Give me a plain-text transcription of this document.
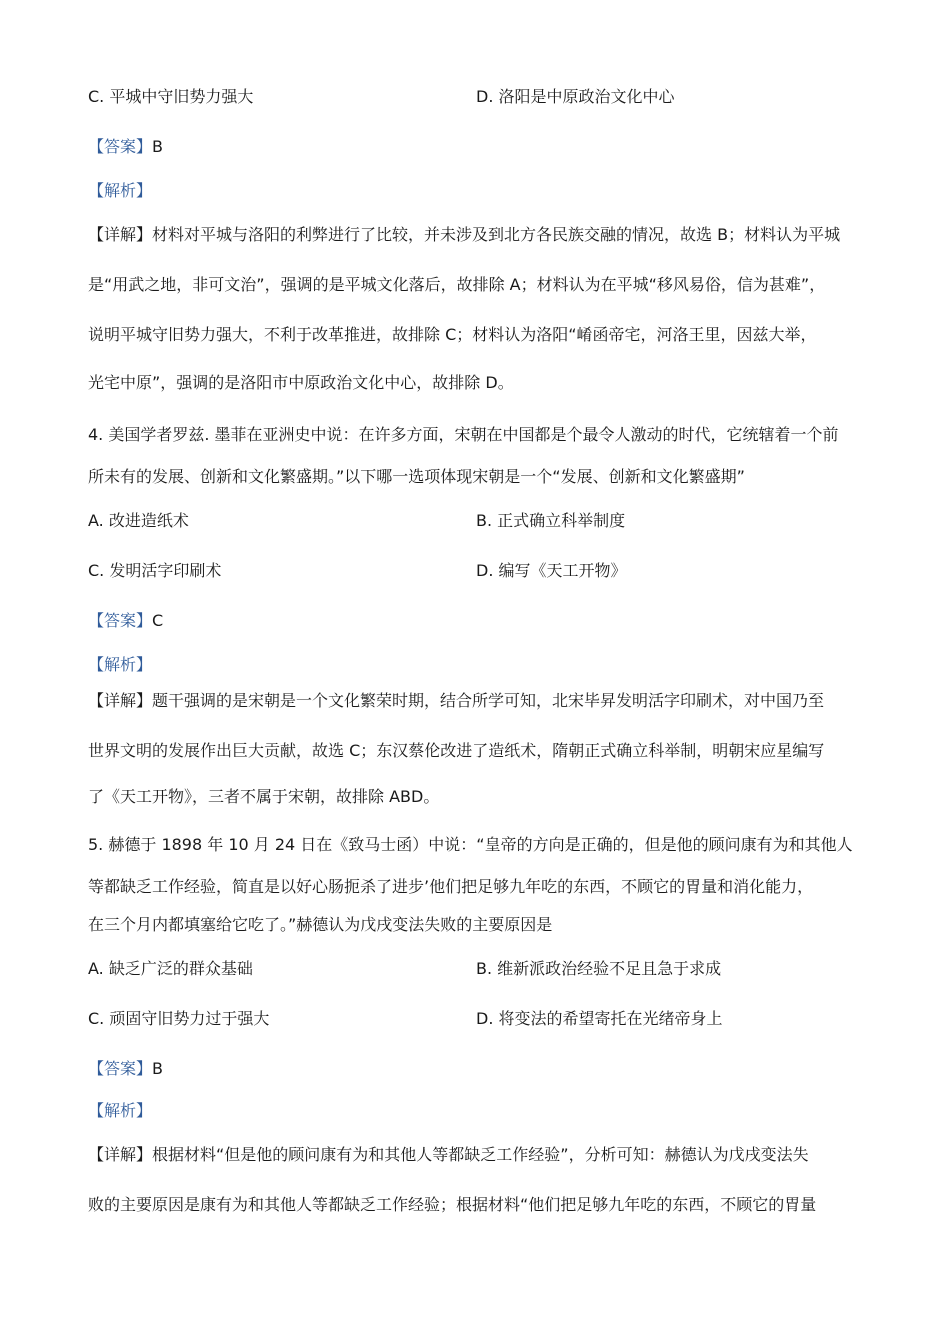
C. 平城中守旧势力强大	D. 洛阳是中原政治文化中心
【答案】B
【解析】
【详解】材料对平城与洛阳的利弊进行了比较，并未涉及到北方各民族交融的情况，故选 B；材料认为平城
是“用武之地，非可文治”，强调的是平城文化落后，故排除 A；材料认为在平城“移风易俗，信为甚难”，
说明平城守旧势力强大，不利于改革推进，故排除 C；材料认为洛阳“崤函帝宅，河洛王里，因兹大举，
光宅中原”，强调的是洛阳市中原政治文化中心，故排除 D。
4. 美国学者罗兹. 墨菲在亚洲史中说：在许多方面，宋朝在中国都是个最令人激动的时代，它统辖着一个前
所未有的发展、创新和文化繁盛期。”以下哪一选项体现宋朝是一个“发展、创新和文化繁盛期”
A. 改进造纸术	B. 正式确立科举制度
C. 发明活字印刷术	D. 编写《天工开物》
【答案】C
【解析】
【详解】题干强调的是宋朝是一个文化繁荣时期，结合所学可知，北宋毕昇发明活字印刷术，对中国乃至
世界文明的发展作出巨大贡献，故选 C；东汉蔡伦改进了造纸术，隋朝正式确立科举制，明朝宋应星编写
了《天工开物》，三者不属于宋朝，故排除 ABD。
5. 赫德于 1898 年 10 月 24 日在《致马士函）中说：“皇帝的方向是正确的，但是他的顾问康有为和其他人
等都缺乏工作经验，简直是以好心肠扼杀了进步’他们把足够九年吃的东西，不顾它的胃量和消化能力，
在三个月内都填塞给它吃了。”赫德认为戊戌变法失败的主要原因是
A. 缺乏广泛的群众基础	B. 维新派政治经验不足且急于求成
C. 顽固守旧势力过于强大	D. 将变法的希望寄托在光绪帝身上
【答案】B
【解析】
【详解】根据材料“但是他的顾问康有为和其他人等都缺乏工作经验”，分析可知：赫德认为戊戌变法失
败的主要原因是康有为和其他人等都缺乏工作经验；根据材料“他们把足够九年吃的东西，不顾它的胃量
